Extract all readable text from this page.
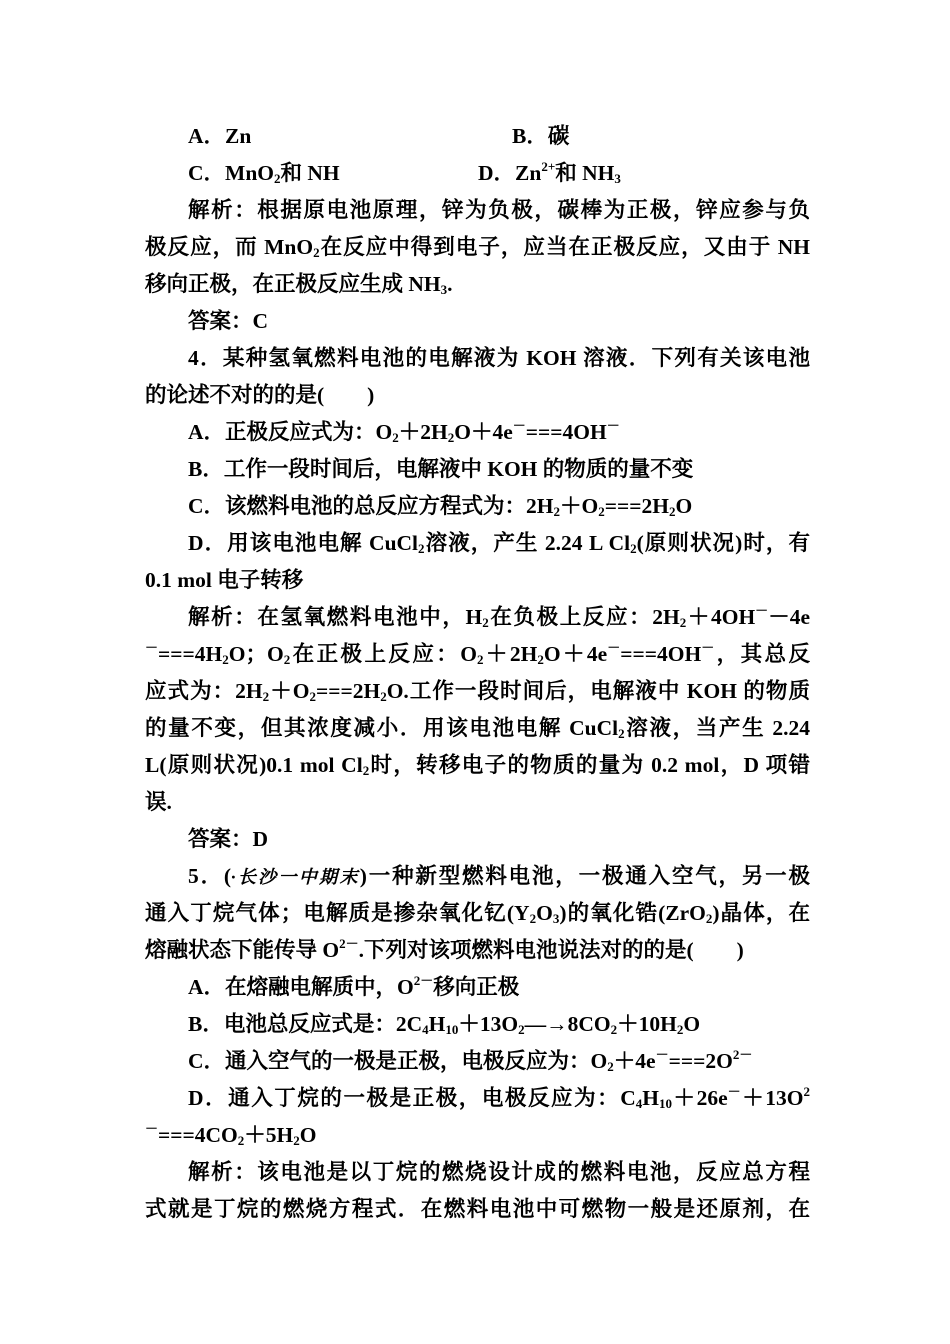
A．Zn	B．碳
C．MnO$_2$和 NH	D．$Zn^{2+}$和 $NH_3$
解析：根据原电池原理，锌为负极，碳棒为正极，锌应参与负
极反应，而 MnO$_2$在反应中得到电子，应当在正极反应，又由于 NH
移向正极，在正极反应生成 $NH_3$.
答案：C
4．某种氢氧燃料电池的电解液为 KOH 溶液．下列有关该电池
的论述不对的的是(　　)
A．正极反应式为：$O_2+2H_2O+4e^-===4OH^-$
B．工作一段时间后，电解液中 KOH 的物质的量不变
C．该燃料电池的总反应方程式为：$2H_2+O_2===2H_2O$
D．用该电池电解 CuCl$_2$溶液，产生 2.24 L $Cl_2$(原则状况)时，有
0.1 mol 电子转移
解析：在氢氧燃料电池中，$H_2$在负极上反应：$2H_2+4OH^--4e$
$^-===4H_2O$；$O_2$在正极上反应：$O_2+2H_2O+4e^-===4OH^-$，其总反
应式为：$2H_2+O_2===2H_2O$.工作一段时间后，电解液中 KOH 的物质
的量不变，但其浓度减小．用该电池电解 CuCl$_2$溶液，当产生 2.24
L(原则状况)0.1 mol $Cl_2$时，转移电子的物质的量为 0.2 mol，D 项错
误.
答案：D
5．(·长沙一中期末)一种新型燃料电池，一极通入空气，另一极
通入丁烷气体；电解质是掺杂氧化钇$(Y_2O_3)$的氧化锆(ZrO$_2$)晶体，在
熔融状态下能传导 $O^{2-}$.下列对该项燃料电池说法对的的是(　　)
A．在熔融电解质中，$O^{2-}$移向正极
B．电池总反应式是：$2C_4H_{10}+13O_2―\to 8CO_2+10H_2O$
C．通入空气的一极是正极，电极反应为：$O_2+4e^-===2O^{2-}$
D．通入丁烷的一极是正极，电极反应为：$C_4H_{10}+26e^-+13O^2$
$^-===4CO_2+5H_2O$
解析：该电池是以丁烷的燃烧设计成的燃料电池，反应总方程
式就是丁烷的燃烧方程式．在燃料电池中可燃物一般是还原剂，在
